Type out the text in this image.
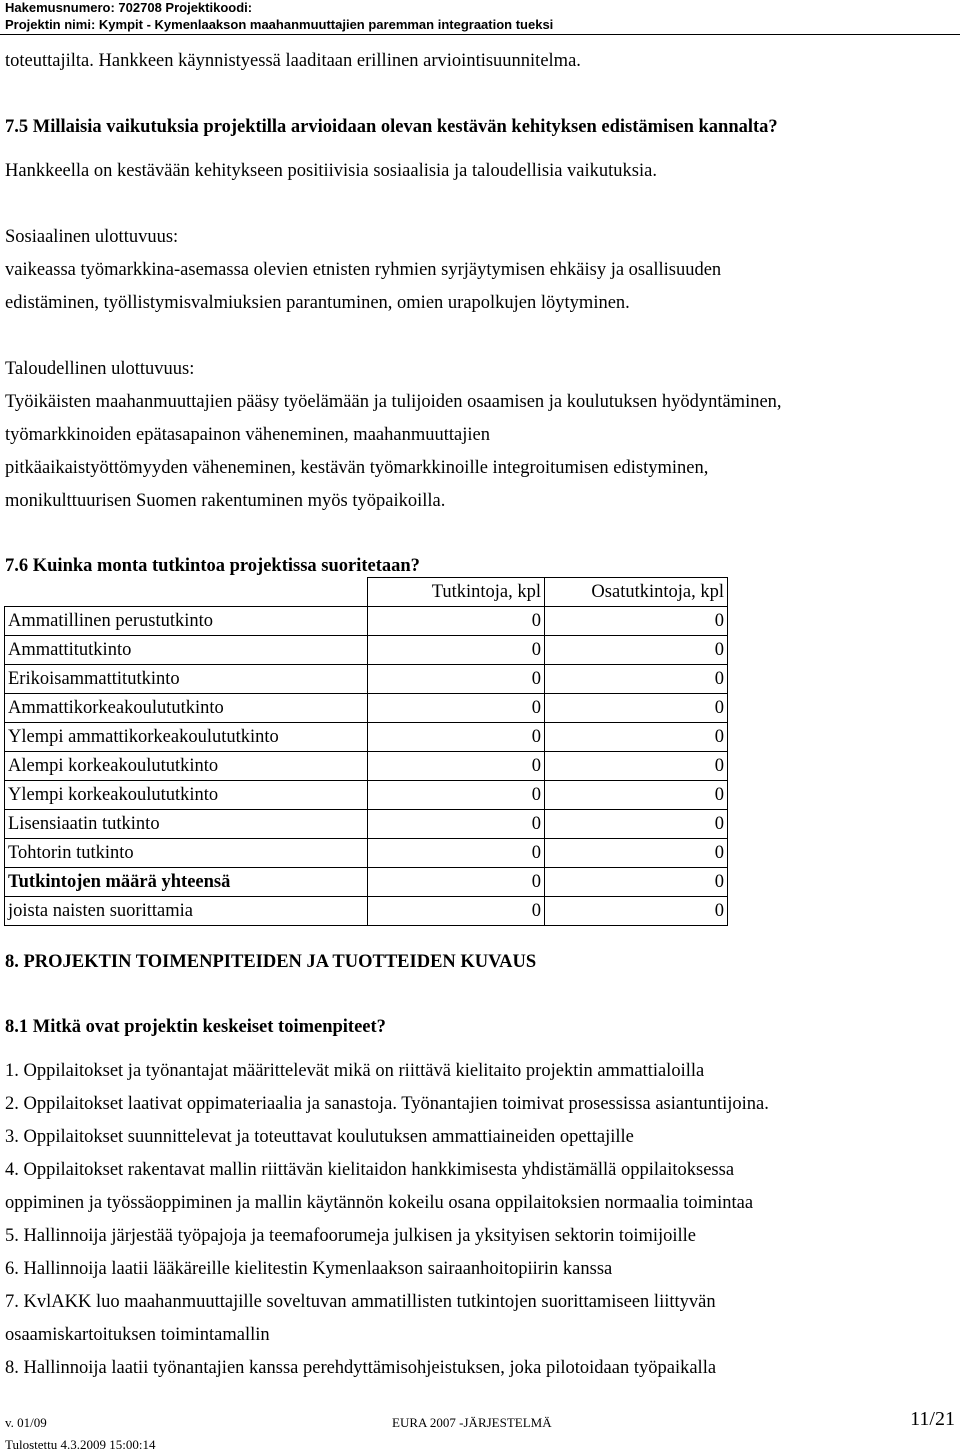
Hakemusnumero: 702708 Projektikoodi:
Projektin nimi: Kympit - Kymenlaakson maahanmuuttajien paremman integraation tueksi
toteuttajilta. Hankkeen käynnistyessä laaditaan erillinen arviointisuunnitelma.
7.5 Millaisia vaikutuksia projektilla arvioidaan olevan kestävän kehityksen edistämisen kannalta?
Hankkeella on kestävään kehitykseen positiivisia sosiaalisia ja taloudellisia vaikutuksia.
Sosiaalinen ulottuvuus:
vaikeassa työmarkkina-asemassa olevien etnisten ryhmien syrjäytymisen ehkäisy ja osallisuuden
edistäminen, työllistymisvalmiuksien parantuminen, omien urapolkujen löytyminen.
Taloudellinen ulottuvuus:
Työikäisten maahanmuuttajien pääsy työelämään ja tulijoiden osaamisen ja koulutuksen hyödyntäminen,
työmarkkinoiden epätasapainon väheneminen, maahanmuuttajien
pitkäaikaistyöttömyyden väheneminen, kestävän työmarkkinoille integroitumisen edistyminen,
monikulttuurisen Suomen rakentuminen myös työpaikoilla.
7.6 Kuinka monta tutkintoa projektissa suoritetaan?
	Tutkintoja, kpl	Osatutkintoja, kpl
Ammatillinen perustutkinto	0	0
Ammattitutkinto	0	0
Erikoisammattitutkinto	0	0
Ammattikorkeakoulututkinto	0	0
Ylempi ammattikorkeakoulututkinto	0	0
Alempi korkeakoulututkinto	0	0
Ylempi korkeakoulututkinto	0	0
Lisensiaatin tutkinto	0	0
Tohtorin tutkinto	0	0
Tutkintojen määrä yhteensä	0	0
joista naisten suorittamia	0	0
8. PROJEKTIN TOIMENPITEIDEN JA TUOTTEIDEN KUVAUS
8.1 Mitkä ovat projektin keskeiset toimenpiteet?
1. Oppilaitokset ja työnantajat määrittelevät mikä on riittävä kielitaito projektin ammattialoilla
2. Oppilaitokset laativat oppimateriaalia ja sanastoja. Työnantajien toimivat prosessissa asiantuntijoina.
3. Oppilaitokset suunnittelevat ja toteuttavat koulutuksen ammattiaineiden opettajille
4. Oppilaitokset rakentavat mallin riittävän kielitaidon hankkimisesta yhdistämällä oppilaitoksessa
oppiminen ja työssäoppiminen ja mallin käytännön kokeilu osana oppilaitoksien normaalia toimintaa
5. Hallinnoija järjestää työpajoja ja teemafoorumeja julkisen ja yksityisen sektorin toimijoille
6. Hallinnoija laatii lääkäreille kielitestin Kymenlaakson sairaanhoitopiirin kanssa
7. KvlAKK luo maahanmuuttajille soveltuvan ammatillisten tutkintojen suorittamiseen liittyvän
osaamiskartoituksen toimintamallin
8. Hallinnoija laatii työnantajien kanssa perehdyttämisohjeistuksen, joka pilotoidaan työpaikalla
v. 01/09	EURA 2007 -JÄRJESTELMÄ	11/21
Tulostettu 4.3.2009 15:00:14
